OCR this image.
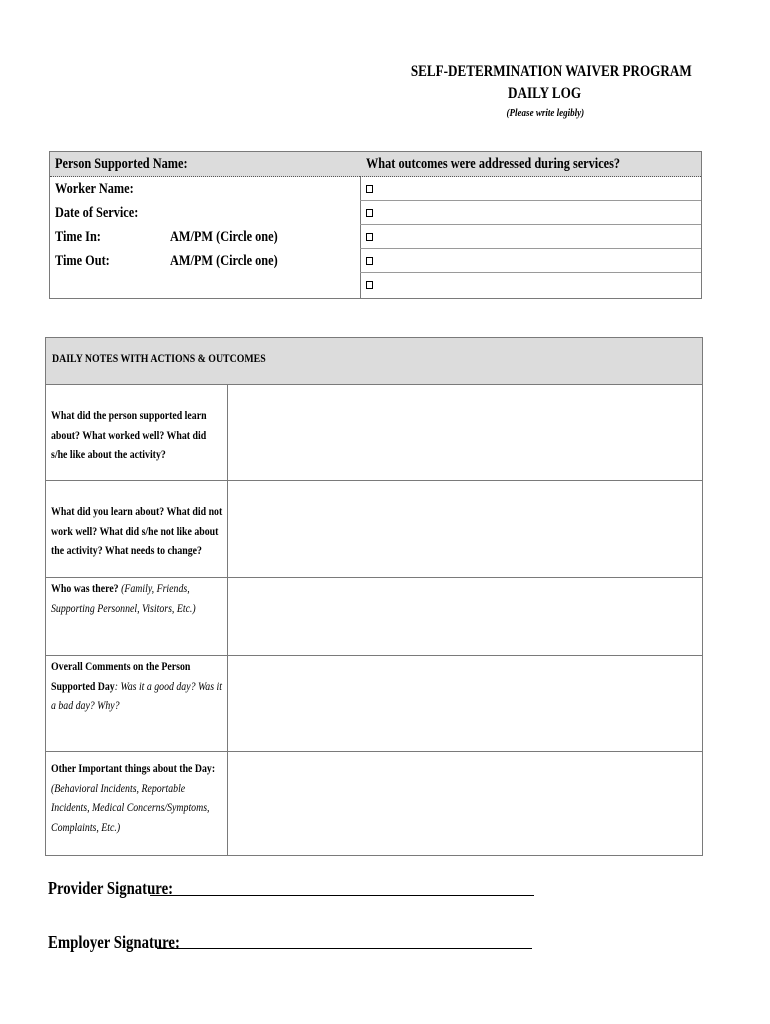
SELF-DETERMINATION WAIVER PROGRAM
DAILY LOG
(Please write legibly)
Person Supported Name:
Worker Name:
Date of Service:
Time In:	AM/PM (Circle one)
Time Out:	AM/PM (Circle one)
What outcomes were addressed during services?
DAILY NOTES WITH ACTIONS & OUTCOMES
What did the person supported learn about? What worked well? What did s/he like about the activity?
What did you learn about? What did not work well? What did s/he not like about the activity? What needs to change?
Who was there? (Family, Friends, Supporting Personnel, Visitors, Etc.)
Overall Comments on the Person Supported Day: Was it a good day? Was it a bad day? Why?
Other Important things about the Day:(Behavioral Incidents, Reportable Incidents, Medical Concerns/Symptoms, Complaints, Etc.)
Provider Signature:
Employer Signature:
